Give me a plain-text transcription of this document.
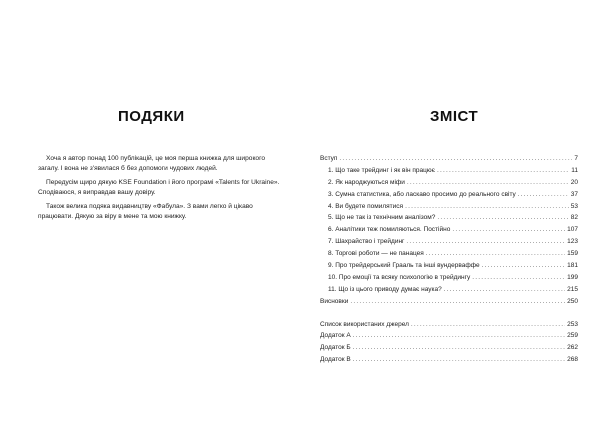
ПОДЯКИ

Хоча я автор понад 100 публікацій, це моя перша книжка для широкого загалу. І вона не з'явилася б без допомоги чудових людей.

Передусім щиро дякую KSE Foundation і його програмі «Talents for Ukraine». Сподіваюся, я виправдав вашу довіру.

Також велика подяка видавництву «Фабула». З вами легко й цікаво працювати. Дякую за віру в мене та мою книжку.

ЗМІСТ
Вступ .....	7
1. Що таке трейдинг і як він працює .....	11
2. Як народжуються міфи .....	20
3. Сумна статистика, або ласкаво просимо до реального світу .....	37
4. Ви будете помилятися .....	53
5. Що не так із технічним аналізом? .....	82
6. Аналітики теж помиляються. Постійно .....	107
7. Шахрайство і трейдинг .....	123
8. Торгові роботи — не панацея .....	159
9. Про трейдерський Грааль та інші вундерваффе .....	181
10. Про емоції та всяку психологію в трейдингу .....	199
11. Що із цього приводу думає наука? .....	215
Висновки .....	250
Список використаних джерел .....	253
Додаток А .....	259
Додаток Б .....	262
Додаток В .....	268
